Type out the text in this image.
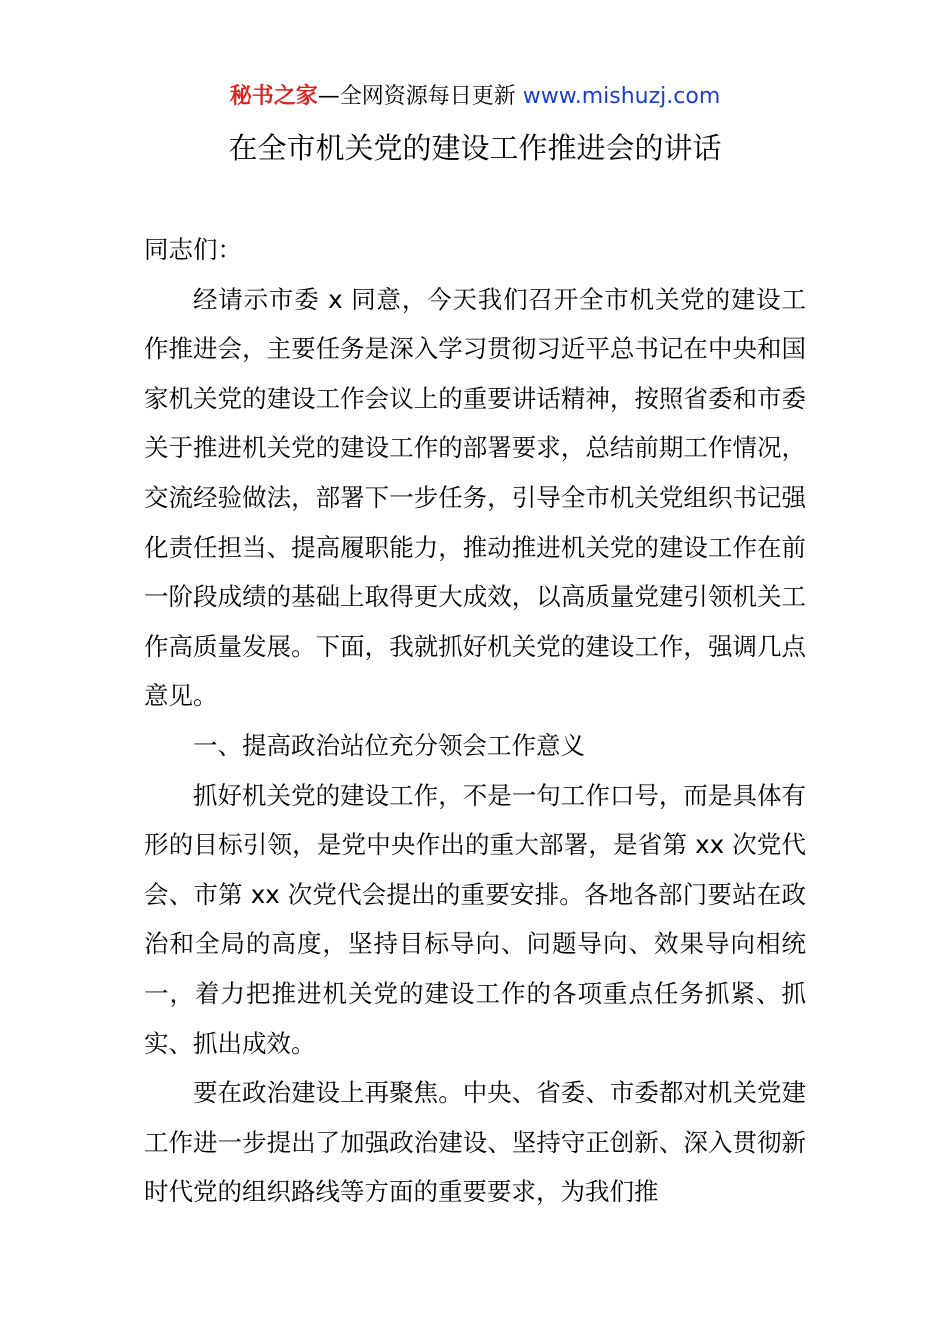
秘书之家—全网资源每日更新 www.mishuzj.com
在全市机关党的建设工作推进会的讲话

同志们：

经请示市委 x 同意，今天我们召开全市机关党的建设工作推进会，主要任务是深入学习贯彻习近平总书记在中央和国家机关党的建设工作会议上的重要讲话精神，按照省委和市委关于推进机关党的建设工作的部署要求，总结前期工作情况，交流经验做法，部署下一步任务，引导全市机关党组织书记强化责任担当、提高履职能力，推动推进机关党的建设工作在前一阶段成绩的基础上取得更大成效，以高质量党建引领机关工作高质量发展。下面，我就抓好机关党的建设工作，强调几点意见。

一、提高政治站位充分领会工作意义

抓好机关党的建设工作，不是一句工作口号，而是具体有形的目标引领，是党中央作出的重大部署，是省第 xx 次党代会、市第 xx 次党代会提出的重要安排。各地各部门要站在政治和全局的高度，坚持目标导向、问题导向、效果导向相统一，着力把推进机关党的建设工作的各项重点任务抓紧、抓实、抓出成效。

要在政治建设上再聚焦。中央、省委、市委都对机关党建工作进一步提出了加强政治建设、坚持守正创新、深入贯彻新时代党的组织路线等方面的重要要求，为我们推
